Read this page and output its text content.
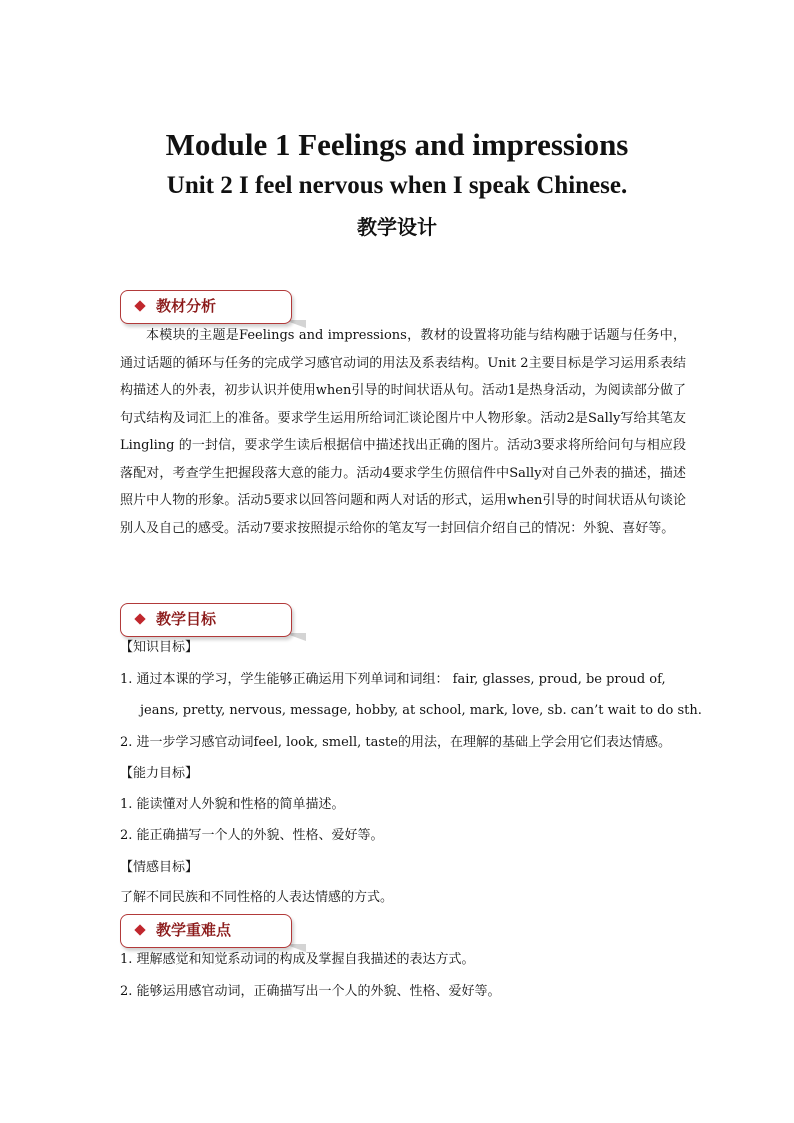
Module 1 Feelings and impressions
Unit 2 I feel nervous when I speak Chinese.
教学设计
教材分析

本模块的主题是Feelings and impressions，教材的设置将功能与结构融于话题与任务中，通过话题的循环与任务的完成学习感官动词的用法及系表结构。Unit 2主要目标是学习运用系表结构描述人的外表，初步认识并使用when引导的时间状语从句。活动1是热身活动，为阅读部分做了句式结构及词汇上的准备。要求学生运用所给词汇谈论图片中人物形象。活动2是Sally写给其笔友Lingling 的一封信，要求学生读后根据信中描述找出正确的图片。活动3要求将所给问句与相应段落配对，考查学生把握段落大意的能力。活动4要求学生仿照信件中Sally对自己外表的描述，描述照片中人物的形象。活动5要求以回答问题和两人对话的形式，运用when引导的时间状语从句谈论别人及自己的感受。活动7要求按照提示给你的笔友写一封回信介绍自己的情况：外貌、喜好等。

教学目标
【知识目标】
1. 通过本课的学习，学生能够正确运用下列单词和词组： fair, glasses, proud, be proud of,
jeans, pretty, nervous, message, hobby, at school, mark, love, sb. can’t wait to do sth.
2. 进一步学习感官动词feel, look, smell, taste的用法，在理解的基础上学会用它们表达情感。
【能力目标】
1. 能读懂对人外貌和性格的简单描述。
2. 能正确描写一个人的外貌、性格、爱好等。
【情感目标】
了解不同民族和不同性格的人表达情感的方式。
教学重难点
1. 理解感觉和知觉系动词的构成及掌握自我描述的表达方式。
2. 能够运用感官动词，正确描写出一个人的外貌、性格、爱好等。
